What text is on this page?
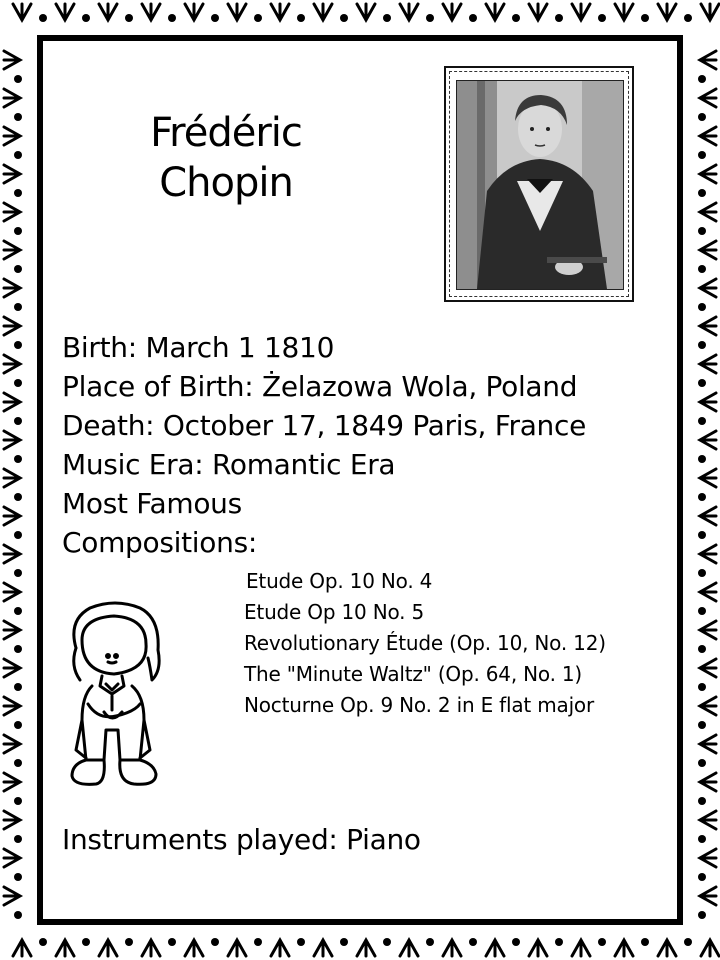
Frédéric
Chopin
Birth: March 1 1810
Place of Birth: Żelazowa Wola, Poland
Death: October 17, 1849 Paris, France
Music Era: Romantic Era
Most Famous
Compositions:
Etude Op. 10 No. 4
Etude Op 10 No. 5
Revolutionary Étude (Op. 10, No. 12)
The "Minute Waltz" (Op. 64, No. 1)
Nocturne Op. 9 No. 2 in E flat major

Instruments played: Piano
